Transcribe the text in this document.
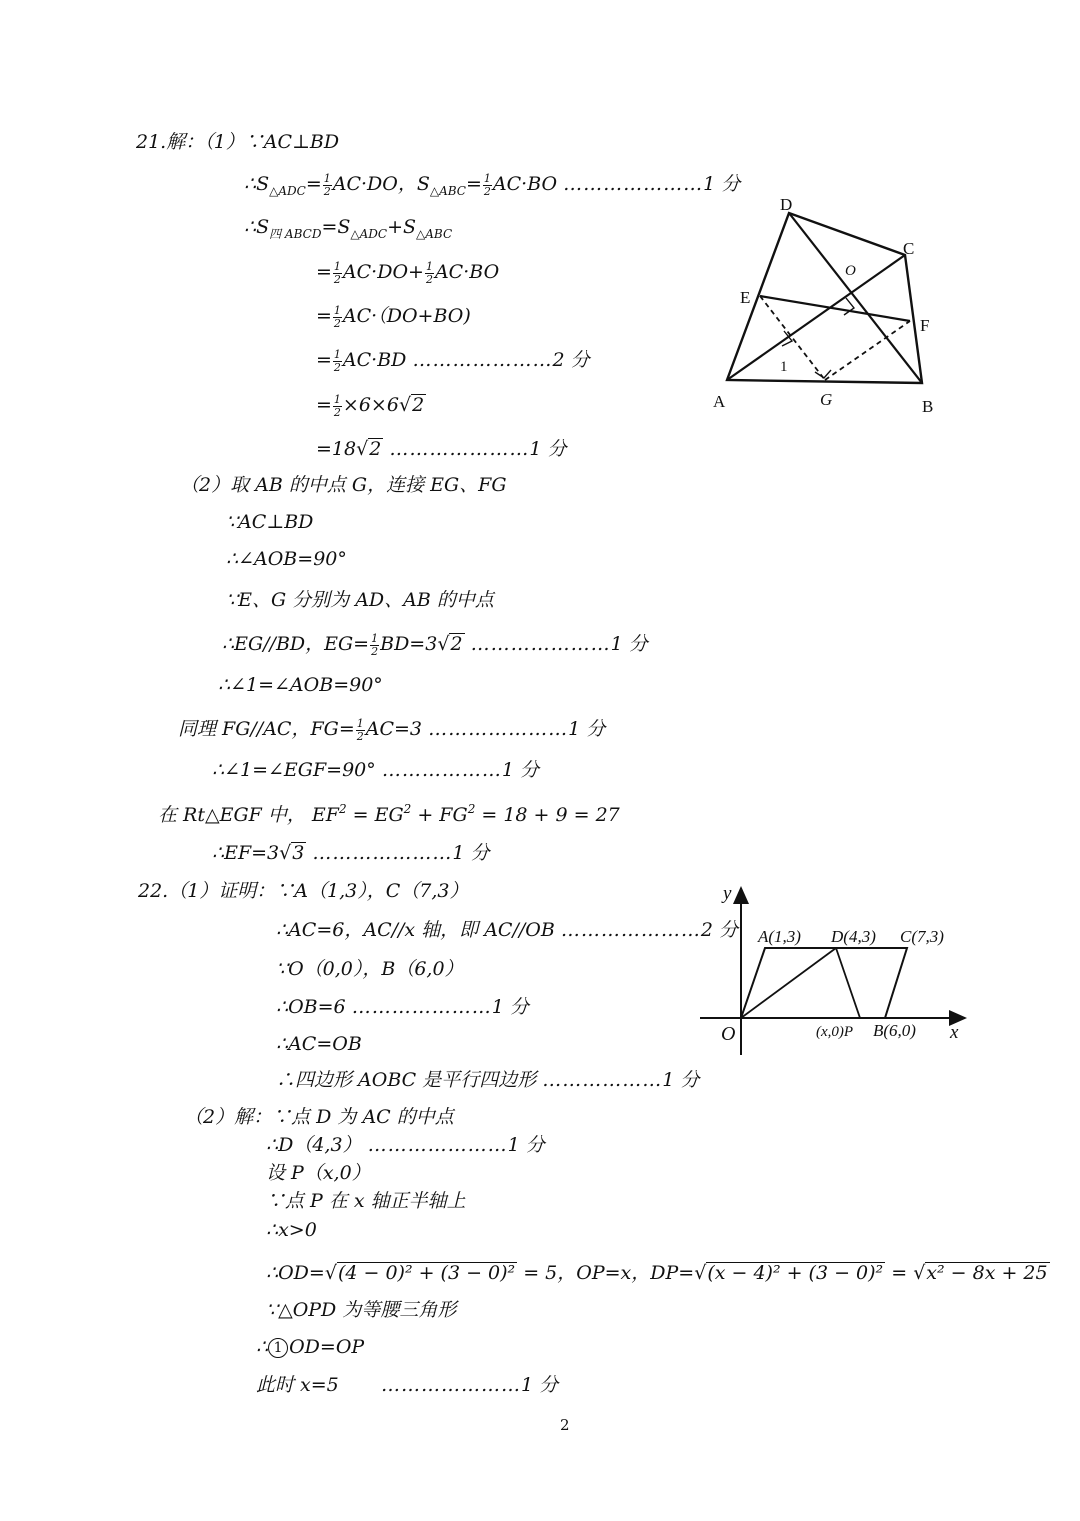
21.解：（1）∵AC⊥BD
$\therefore S_{\triangle ADC}= \frac{1}{2} AC\cdot DO$，$S_{\triangle ABC}= \frac{1}{2} AC\cdot BO$ …………………1 分
$\therefore S_{四 ABCD}=S_{\triangle ADC}+S_{\triangle ABC}$
= $\frac{1}{2} AC\cdot DO+ \frac{1}{2} AC\cdot BO$
= $\frac{1}{2} AC\cdot(DO+BO)$
= $\frac{1}{2} AC\cdot BD$ …………………2 分
= $\frac{1}{2} \times 6\times 6√2$
=18√2 …………………1 分
（2）取 AB 的中点 G，连接 EG、FG
∵AC⊥BD
∴∠AOB=90°
∵E、G 分别为 AD、AB 的中点
∴EG//BD，$EG= \frac{1}{2} BD=3√2$ …………………1 分
∴∠1=∠AOB=90°
同理 FG//AC，$FG= \frac{1}{2} AC=3$ …………………1 分
∴∠1=∠EGF=90° ………………1 分
在 Rt△EGF 中， $EF^2 = EG^2 + FG^2 = 18 + 9 = 27$
∴EF=3√3 …………………1 分
D
C
O
E
F
1
A	G	B
22.（1）证明：∵A（1,3），C（7,3）
∴AC=6，AC//x 轴，即 AC//OB …………………2 分
∵O（0,0），B（6,0）
∴OB=6 …………………1 分
∴AC=OB
∴四边形 AOBC 是平行四边形 ………………1 分
（2）解：∵点 D 为 AC 的中点
∴D（4,3） …………………1 分
设 P（x,0）
∵点 P 在 x 轴正半轴上
∴x>0
∴OD=√(4 − 0)² + (3 − 0)² = 5，OP=x，DP=√(x − 4)² + (3 − 0)² = √x² − 8x + 25
∵△OPD 为等腰三角形
∴ 1 OD=OP
此时 x=5 …………………1 分
y
x
O
A(1,3) D(4,3) C(7,3)
(x,0)P B(6,0)
2
